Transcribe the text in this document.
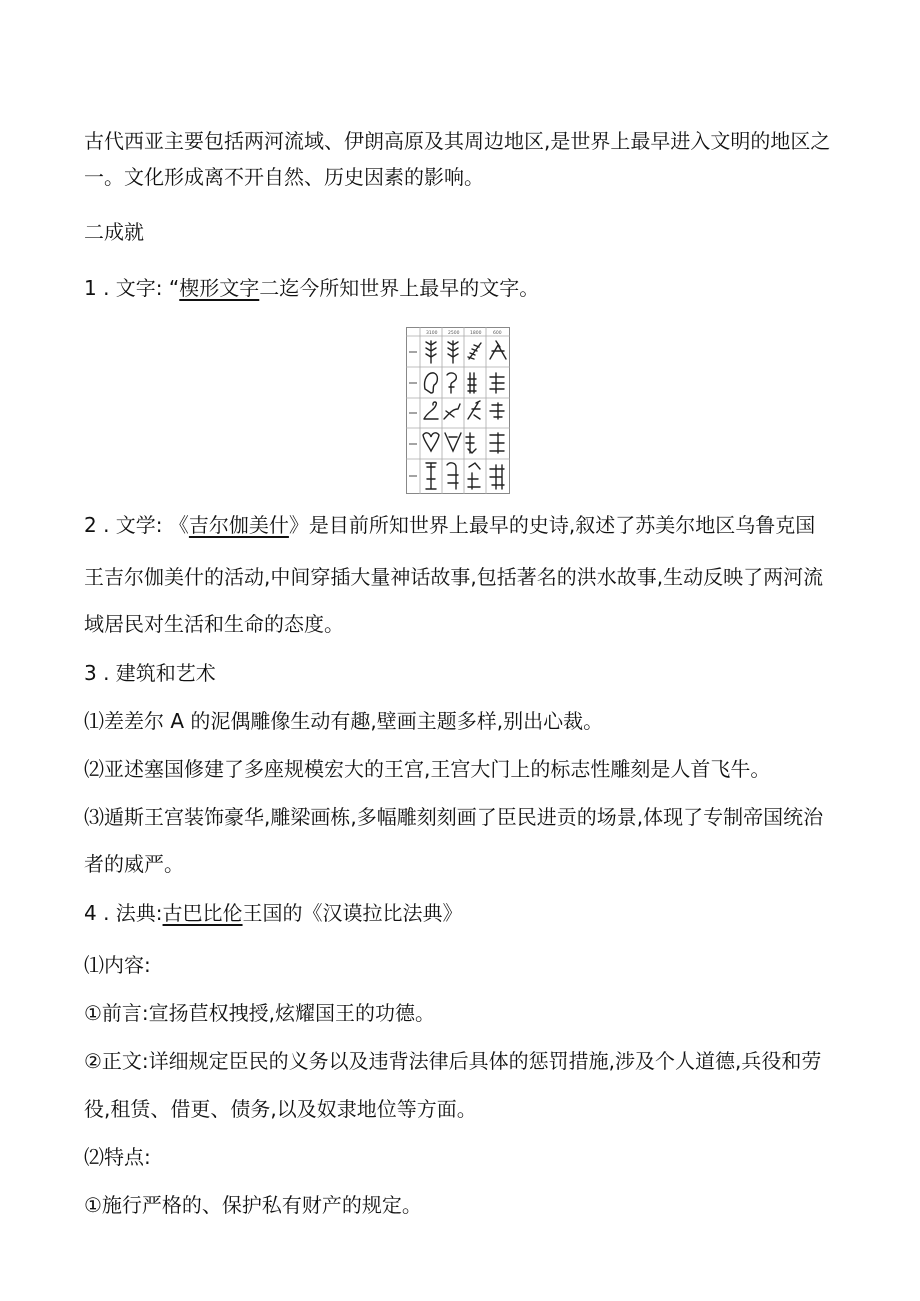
古代西亚主要包括两河流域、伊朗高原及其周边地区,是世界上最早进入文明的地区之
一。文化形成离不开自然、历史因素的影响。
二成就
1 . 文字: “楔形文字二迄今所知世界上最早的文字。
3100 2500 1800	600
2 . 文学: 《吉尔伽美什》是目前所知世界上最早的史诗,叙述了苏美尔地区乌鲁克国
王吉尔伽美什的活动,中间穿插大量神话故事,包括著名的洪水故事,生动反映了两河流
域居民对生活和生命的态度。
3 . 建筑和艺术
⑴差差尔 A 的泥偶雕像生动有趣,壁画主题多样,别出心裁。
⑵亚述塞国修建了多座规模宏大的王宫,王宫大门上的标志性雕刻是人首飞牛。
⑶遁斯王宫装饰豪华,雕梁画栋,多幅雕刻刻画了臣民进贡的场景,体现了专制帝国统治
者的威严。
4 . 法典:古巴比伦王国的《汉谟拉比法典》
⑴内容:
①前言:宣扬苣权拽授,炫耀国王的功德。
②正文:详细规定臣民的义务以及违背法律后具体的惩罚措施,涉及个人道德,兵役和劳
役,租赁、借更、债务,以及奴隶地位等方面。
⑵特点:
①施行严格的、保护私有财产的规定。
